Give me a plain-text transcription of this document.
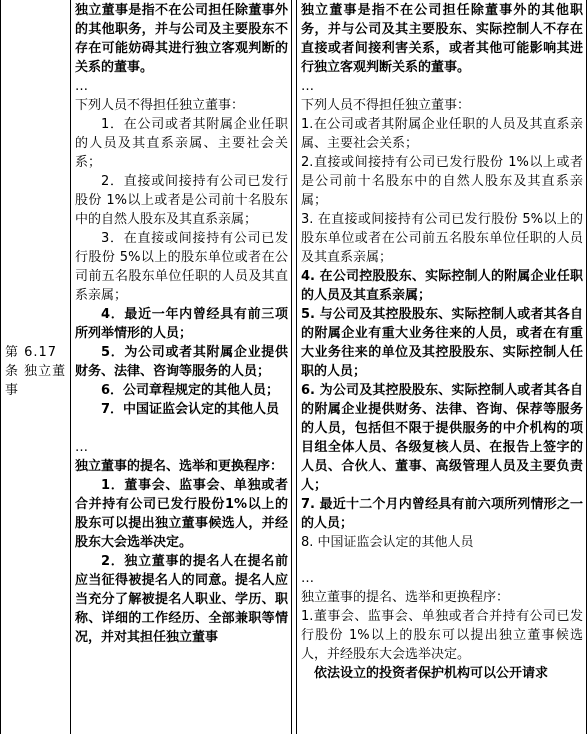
第 6.17条 独立董事

独立董事是指不在公司担任除董事外的其他职务，并与公司及主要股东不存在可能妨碍其进行独立客观判断的关系的董事。

…

下列人员不得担任独立董事：

1．在公司或者其附属企业任职的人员及其直系亲属、主要社会关系；

2．直接或间接持有公司已发行股份 1%以上或者是公司前十名股东中的自然人股东及其直系亲属；

3．在直接或间接持有公司已发行股份 5%以上的股东单位或者在公司前五名股东单位任职的人员及其直系亲属；

4．最近一年内曾经具有前三项所列举情形的人员；

5．为公司或者其附属企业提供财务、法律、咨询等服务的人员；

6．公司章程规定的其他人员；

7．中国证监会认定的其他人员

…

独立董事的提名、选举和更换程序：

1．董事会、监事会、单独或者合并持有公司已发行股份1%以上的股东可以提出独立董事候选人，并经股东大会选举决定。

2．独立董事的提名人在提名前应当征得被提名人的同意。提名人应当充分了解被提名人职业、学历、职称、详细的工作经历、全部兼职等情况，并对其担任独立董事

独立董事是指不在公司担任除董事外的其他职务，并与公司及其主要股东、实际控制人不存在直接或者间接利害关系，或者其他可能影响其进行独立客观判断关系的董事。

…

下列人员不得担任独立董事：

1.在公司或者其附属企业任职的人员及其直系亲属、主要社会关系；

2.直接或间接持有公司已发行股份 1%以上或者是公司前十名股东中的自然人股东及其直系亲属；

3. 在直接或间接持有公司已发行股份 5%以上的股东单位或者在公司前五名股东单位任职的人员及其直系亲属；

4. 在公司控股股东、实际控制人的附属企业任职的人员及其直系亲属；

5. 与公司及其控股股东、实际控制人或者其各自的附属企业有重大业务往来的人员，或者在有重大业务往来的单位及其控股股东、实际控制人任职的人员；

6. 为公司及其控股股东、实际控制人或者其各自的附属企业提供财务、法律、咨询、保荐等服务的人员，包括但不限于提供服务的中介机构的项目组全体人员、各级复核人员、在报告上签字的人员、合伙人、董事、高级管理人员及主要负责人；

7. 最近十二个月内曾经具有前六项所列情形之一的人员；

8. 中国证监会认定的其他人员

…

独立董事的提名、选举和更换程序：

1.董事会、监事会、单独或者合并持有公司已发行股份 1%以上的股东可以提出独立董事候选人，并经股东大会选举决定。

依法设立的投资者保护机构可以公开请求
